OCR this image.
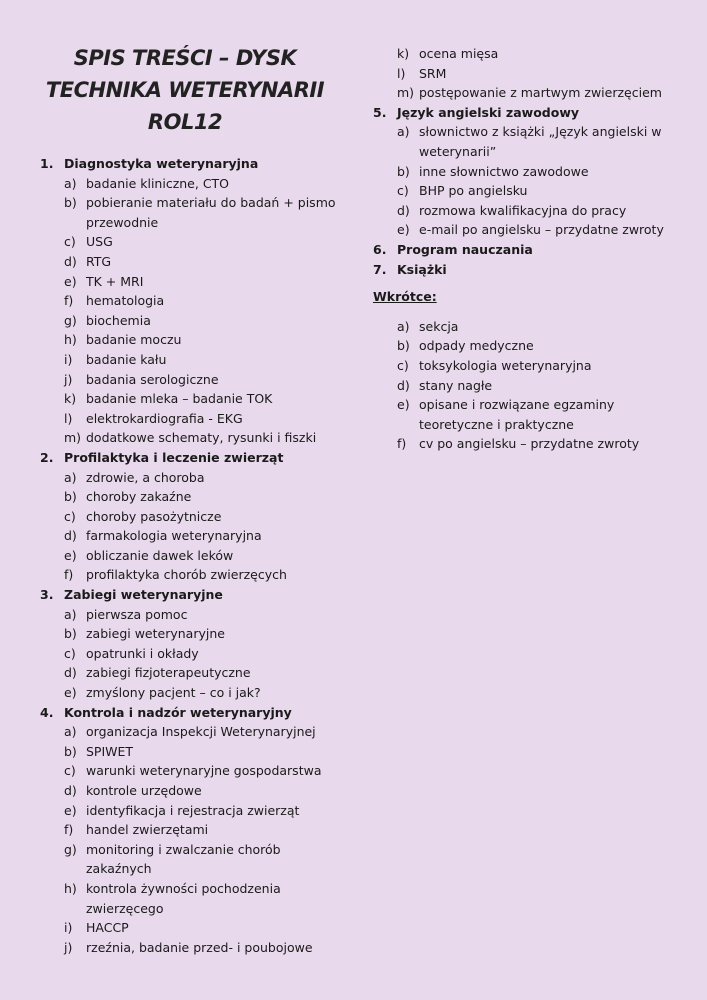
SPIS TREŚCI – DYSK
TECHNIKA WETERYNARII
ROL12
1. Diagnostyka weterynaryjna
a) badanie kliniczne, CTO
b) pobieranie materiału do badań + pismo przewodnie
c) USG
d) RTG
e) TK + MRI
f)	hematologia
g) biochemia
h) badanie moczu
i)	badanie kału
j)	badania serologiczne
k) badanie mleka – badanie TOK
l)	elektrokardiografia - EKG
m) dodatkowe schematy, rysunki i fiszki
2. Profilaktyka i leczenie zwierząt
a) zdrowie, a choroba
b) choroby zakaźne
c) choroby pasożytnicze
d) farmakologia weterynaryjna
e) obliczanie dawek leków
f)	profilaktyka chorób zwierzęcych
3. Zabiegi weterynaryjne
a) pierwsza pomoc
b) zabiegi weterynaryjne
c) opatrunki i okłady
d) zabiegi fizjoterapeutyczne
e) zmyślony pacjent – co i jak?
4. Kontrola i nadzór weterynaryjny
a) organizacja Inspekcji Weterynaryjnej
b) SPIWET
c) warunki weterynaryjne gospodarstwa
d) kontrole urzędowe
e) identyfikacja i rejestracja zwierząt
f)	handel zwierzętami
g) monitoring i zwalczanie chorób zakaźnych
h) kontrola żywności pochodzenia zwierzęcego
i)	HACCP
j)	rzeźnia, badanie przed- i poubojowe
k) ocena mięsa
l)	SRM
m) postępowanie z martwym zwierzęciem
5. Język angielski zawodowy
a) słownictwo z książki „Język angielski w weterynarii”
b) inne słownictwo zawodowe
c) BHP po angielsku
d) rozmowa kwalifikacyjna do pracy
e) e-mail po angielsku – przydatne zwroty
6. Program nauczania
7. Książki
Wkrótce:
a) sekcja
b) odpady medyczne
c) toksykologia weterynaryjna
d) stany nagłe
e) opisane i rozwiązane egzaminy teoretyczne i praktyczne
f)	cv po angielsku – przydatne zwroty
